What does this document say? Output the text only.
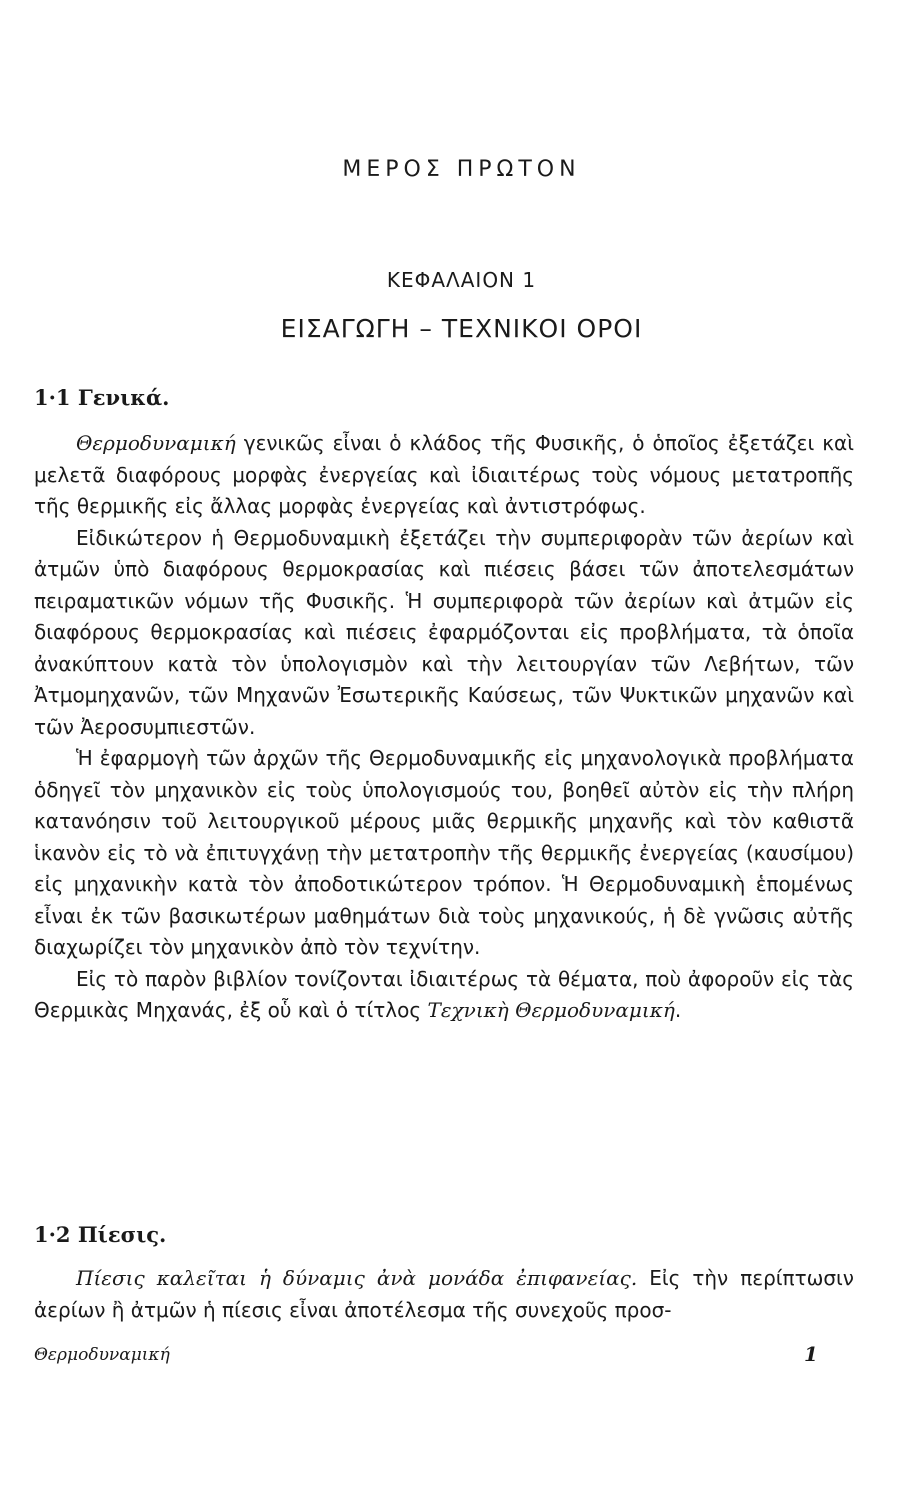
ΜΕΡΟΣ ΠΡΩΤΟΝ
ΚΕΦΑΛΑΙΟΝ 1
ΕΙΣΑΓΩΓΗ – ΤΕΧΝΙΚΟΙ ΟΡΟΙ
1·1 Γενικά.

Θερμοδυναμική γενικῶς εἶναι ὁ κλάδος τῆς Φυσικῆς, ὁ ὁποῖος ἐξετάζει καὶ μελετᾶ διαφόρους μορφὰς ἐνεργείας καὶ ἰδιαιτέρως τοὺς νόμους μετατροπῆς τῆς θερμικῆς εἰς ἄλλας μορφὰς ἐνεργείας καὶ ἀντιστρόφως.

Εἰδικώτερον ἡ Θερμοδυναμικὴ ἐξετάζει τὴν συμπεριφορὰν τῶν ἀερίων καὶ ἀτμῶν ὑπὸ διαφόρους θερμοκρασίας καὶ πιέσεις βάσει τῶν ἀποτελεσμάτων πειραματικῶν νόμων τῆς Φυσικῆς. Ἡ συμπεριφορὰ τῶν ἀερίων καὶ ἀτμῶν εἰς διαφόρους θερμοκρασίας καὶ πιέσεις ἐφαρμόζονται εἰς προβλήματα, τὰ ὁποῖα ἀνακύπτουν κατὰ τὸν ὑπολογισμὸν καὶ τὴν λειτουργίαν τῶν Λεβήτων, τῶν Ἀτμομηχανῶν, τῶν Μηχανῶν Ἐσωτερικῆς Καύσεως, τῶν Ψυκτικῶν μηχανῶν καὶ τῶν Ἀεροσυμπιεστῶν.

Ἡ ἐφαρμογὴ τῶν ἀρχῶν τῆς Θερμοδυναμικῆς εἰς μηχανολογικὰ προβλήματα ὁδηγεῖ τὸν μηχανικὸν εἰς τοὺς ὑπολογισμούς του, βοηθεῖ αὐτὸν εἰς τὴν πλήρη κατανόησιν τοῦ λειτουργικοῦ μέρους μιᾶς θερμικῆς μηχανῆς καὶ τὸν καθιστᾶ ἱκανὸν εἰς τὸ νὰ ἐπιτυγχάνῃ τὴν μετατροπὴν τῆς θερμικῆς ἐνεργείας (καυσίμου) εἰς μηχανικὴν κατὰ τὸν ἀποδοτικώτερον τρόπον. Ἡ Θερμοδυναμικὴ ἑπομένως εἶναι ἐκ τῶν βασικωτέρων μαθημάτων διὰ τοὺς μηχανικούς, ἡ δὲ γνῶσις αὐτῆς διαχωρίζει τὸν μηχανικὸν ἀπὸ τὸν τεχνίτην.

Εἰς τὸ παρὸν βιβλίον τονίζονται ἰδιαιτέρως τὰ θέματα, ποὺ ἀφοροῦν εἰς τὰς Θερμικὰς Μηχανάς, ἐξ οὗ καὶ ὁ τίτλος Τεχνικὴ Θερμοδυναμική.

1·2 Πίεσις.

Πίεσις καλεῖται ἡ δύναμις ἀνὰ μονάδα ἐπιφανείας. Εἰς τὴν περίπτωσιν ἀερίων ἢ ἀτμῶν ἡ πίεσις εἶναι ἀποτέλεσμα τῆς συνεχοῦς προσ-

Θερμοδυναμική	1
